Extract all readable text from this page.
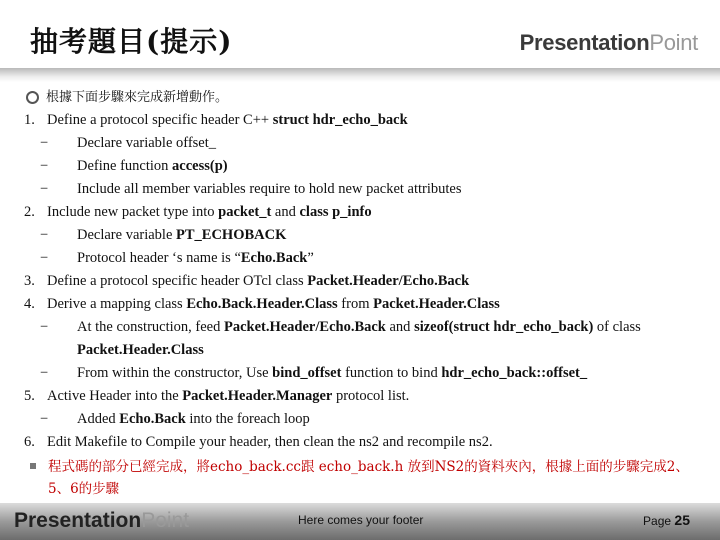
抽考題目(提示)	PresentationPoint
根據下面步驟來完成新增動作。
1. Define a protocol specific header C++ struct hdr_echo_back
− Declare variable offset_
− Define function access(p)
− Include all member variables require to hold new packet attributes
2. Include new packet type into packet_t and class p_info
− Declare variable PT_ECHOBACK
− Protocol header ‘s name is “Echo.Back”
3. Define a protocol specific header OTcl class Packet.Header/Echo.Back
4. Derive a mapping class Echo.Back.Header.Class from Packet.Header.Class
− At the construction, feed Packet.Header/Echo.Back and sizeof(struct hdr_echo_back) of class Packet.Header.Class
− From within the constructor, Use bind_offset function to bind hdr_echo_back::offset_
5. Active Header into the Packet.Header.Manager protocol list.
− Added Echo.Back into the foreach loop
6. Edit Makefile to Compile your header, then clean the ns2 and recompile ns2.
程式碼的部分已經完成，將echo_back.cc跟 echo_back.h 放到NS2的資料夾內，根據上面的步驟完成2、5、6的步驟
PresentationPoint	Here comes your footer	Page 25
